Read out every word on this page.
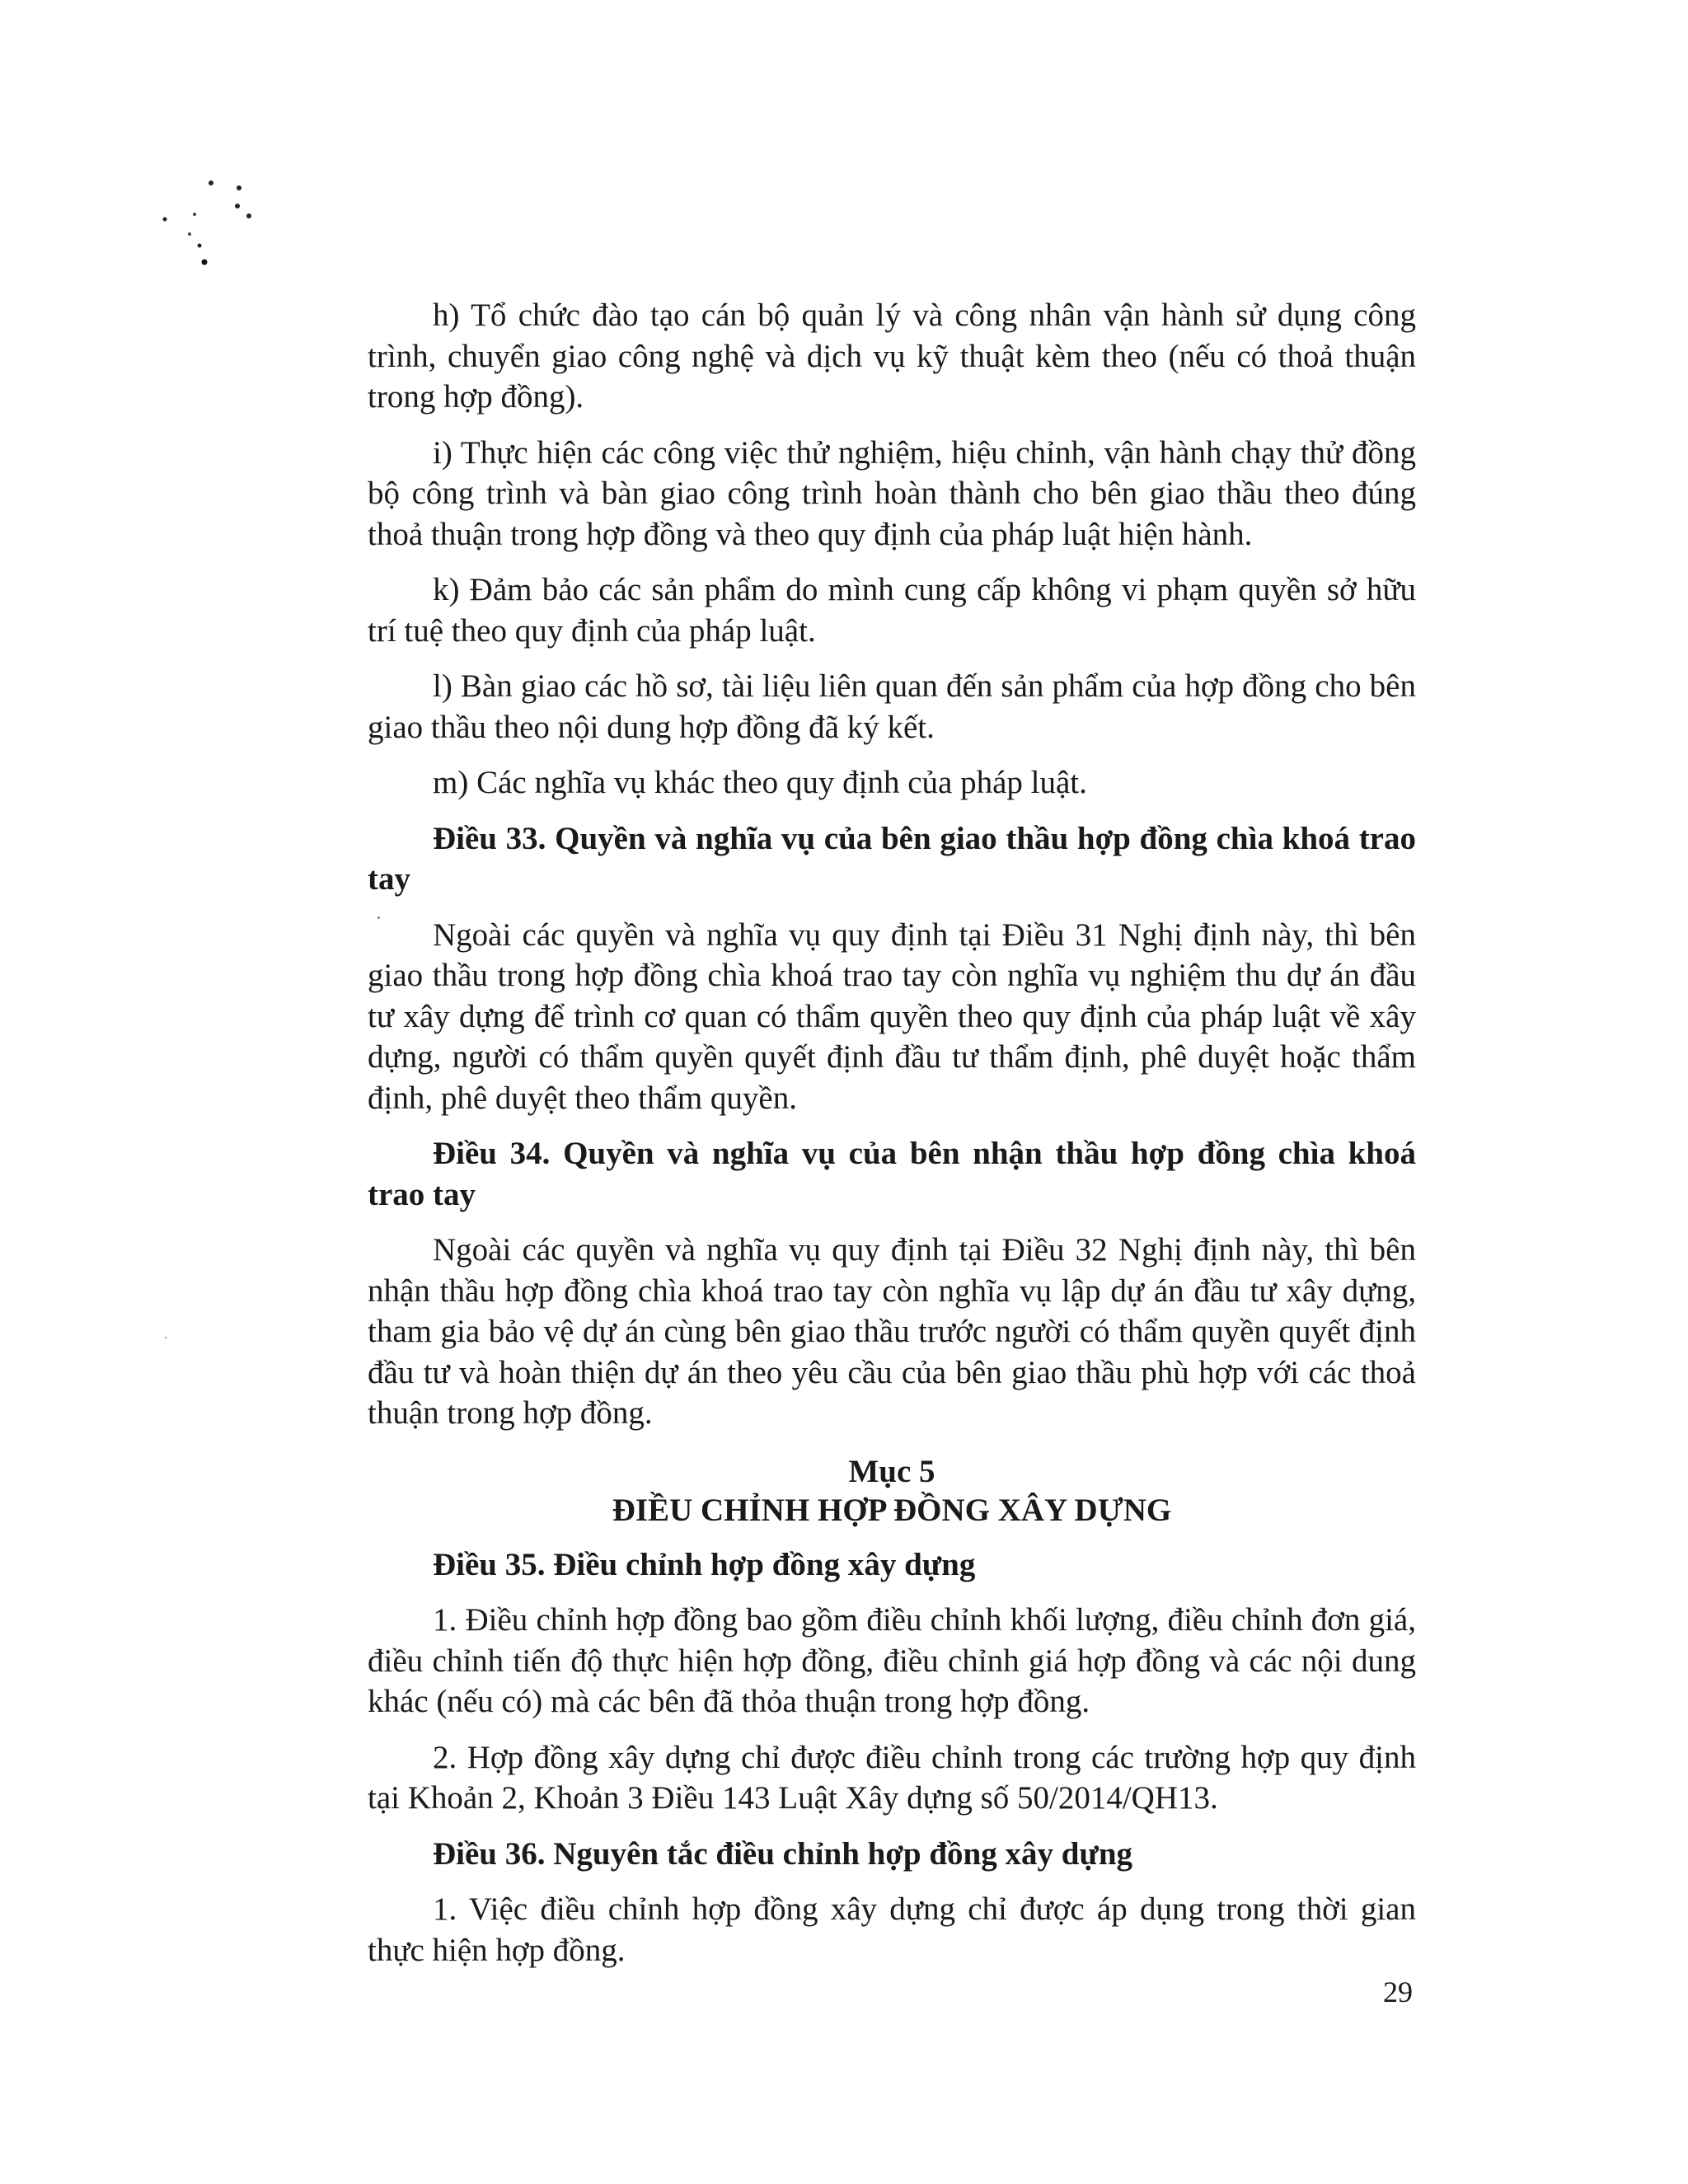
h) Tổ chức đào tạo cán bộ quản lý và công nhân vận hành sử dụng công trình, chuyển giao công nghệ và dịch vụ kỹ thuật kèm theo (nếu có thoả thuận trong hợp đồng).

i) Thực hiện các công việc thử nghiệm, hiệu chỉnh, vận hành chạy thử đồng bộ công trình và bàn giao công trình hoàn thành cho bên giao thầu theo đúng thoả thuận trong hợp đồng và theo quy định của pháp luật hiện hành.

k) Đảm bảo các sản phẩm do mình cung cấp không vi phạm quyền sở hữu trí tuệ theo quy định của pháp luật.

l) Bàn giao các hồ sơ, tài liệu liên quan đến sản phẩm của hợp đồng cho bên giao thầu theo nội dung hợp đồng đã ký kết.

m) Các nghĩa vụ khác theo quy định của pháp luật.

Điều 33. Quyền và nghĩa vụ của bên giao thầu hợp đồng chìa khoá trao tay

Ngoài các quyền và nghĩa vụ quy định tại Điều 31 Nghị định này, thì bên giao thầu trong hợp đồng chìa khoá trao tay còn nghĩa vụ nghiệm thu dự án đầu tư xây dựng để trình cơ quan có thẩm quyền theo quy định của pháp luật về xây dựng, người có thẩm quyền quyết định đầu tư thẩm định, phê duyệt hoặc thẩm định, phê duyệt theo thẩm quyền.

Điều 34. Quyền và nghĩa vụ của bên nhận thầu hợp đồng chìa khoá trao tay

Ngoài các quyền và nghĩa vụ quy định tại Điều 32 Nghị định này, thì bên nhận thầu hợp đồng chìa khoá trao tay còn nghĩa vụ lập dự án đầu tư xây dựng, tham gia bảo vệ dự án cùng bên giao thầu trước người có thẩm quyền quyết định đầu tư và hoàn thiện dự án theo yêu cầu của bên giao thầu phù hợp với các thoả thuận trong hợp đồng.

Mục 5
ĐIỀU CHỈNH HỢP ĐỒNG XÂY DỰNG

Điều 35. Điều chỉnh hợp đồng xây dựng

1. Điều chỉnh hợp đồng bao gồm điều chỉnh khối lượng, điều chỉnh đơn giá, điều chỉnh tiến độ thực hiện hợp đồng, điều chỉnh giá hợp đồng và các nội dung khác (nếu có) mà các bên đã thỏa thuận trong hợp đồng.

2. Hợp đồng xây dựng chỉ được điều chỉnh trong các trường hợp quy định tại Khoản 2, Khoản 3 Điều 143 Luật Xây dựng số 50/2014/QH13.

Điều 36. Nguyên tắc điều chỉnh hợp đồng xây dựng

1. Việc điều chỉnh hợp đồng xây dựng chỉ được áp dụng trong thời gian thực hiện hợp đồng.

29
